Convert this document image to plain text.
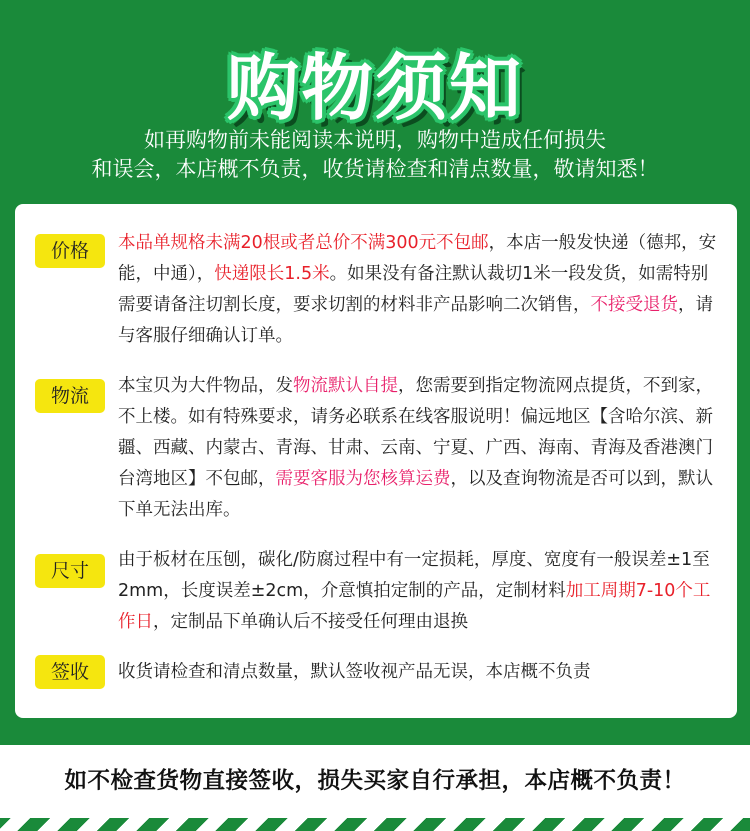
购物须知
如再购物前未能阅读本说明，购物中造成任何损失
和误会，本店概不负责，收货请检查和清点数量，敬请知悉！
价格	本品单规格未满20根或者总价不满300元不包邮，本店一般发快递（德邦，安能，中通），快递限长1.5米。如果没有备注默认裁切1米一段发货，如需特别需要请备注切割长度，要求切割的材料非产品影响二次销售，不接受退货，请与客服仔细确认订单。
物流	本宝贝为大件物品，发物流默认自提，您需要到指定物流网点提货，不到家，不上楼。如有特殊要求，请务必联系在线客服说明！偏远地区【含哈尔滨、新疆、西藏、内蒙古、青海、甘肃、云南、宁夏、广西、海南、青海及香港澳门台湾地区】不包邮，需要客服为您核算运费，以及查询物流是否可以到，默认下单无法出库。
尺寸	由于板材在压刨，碳化/防腐过程中有一定损耗，厚度、宽度有一般误差±1至2mm，长度误差±2cm，介意慎拍定制的产品，定制材料加工周期7-10个工作日，定制品下单确认后不接受任何理由退换
签收	收货请检查和清点数量，默认签收视产品无误，本店概不负责
如不检查货物直接签收，损失买家自行承担，本店概不负责！
